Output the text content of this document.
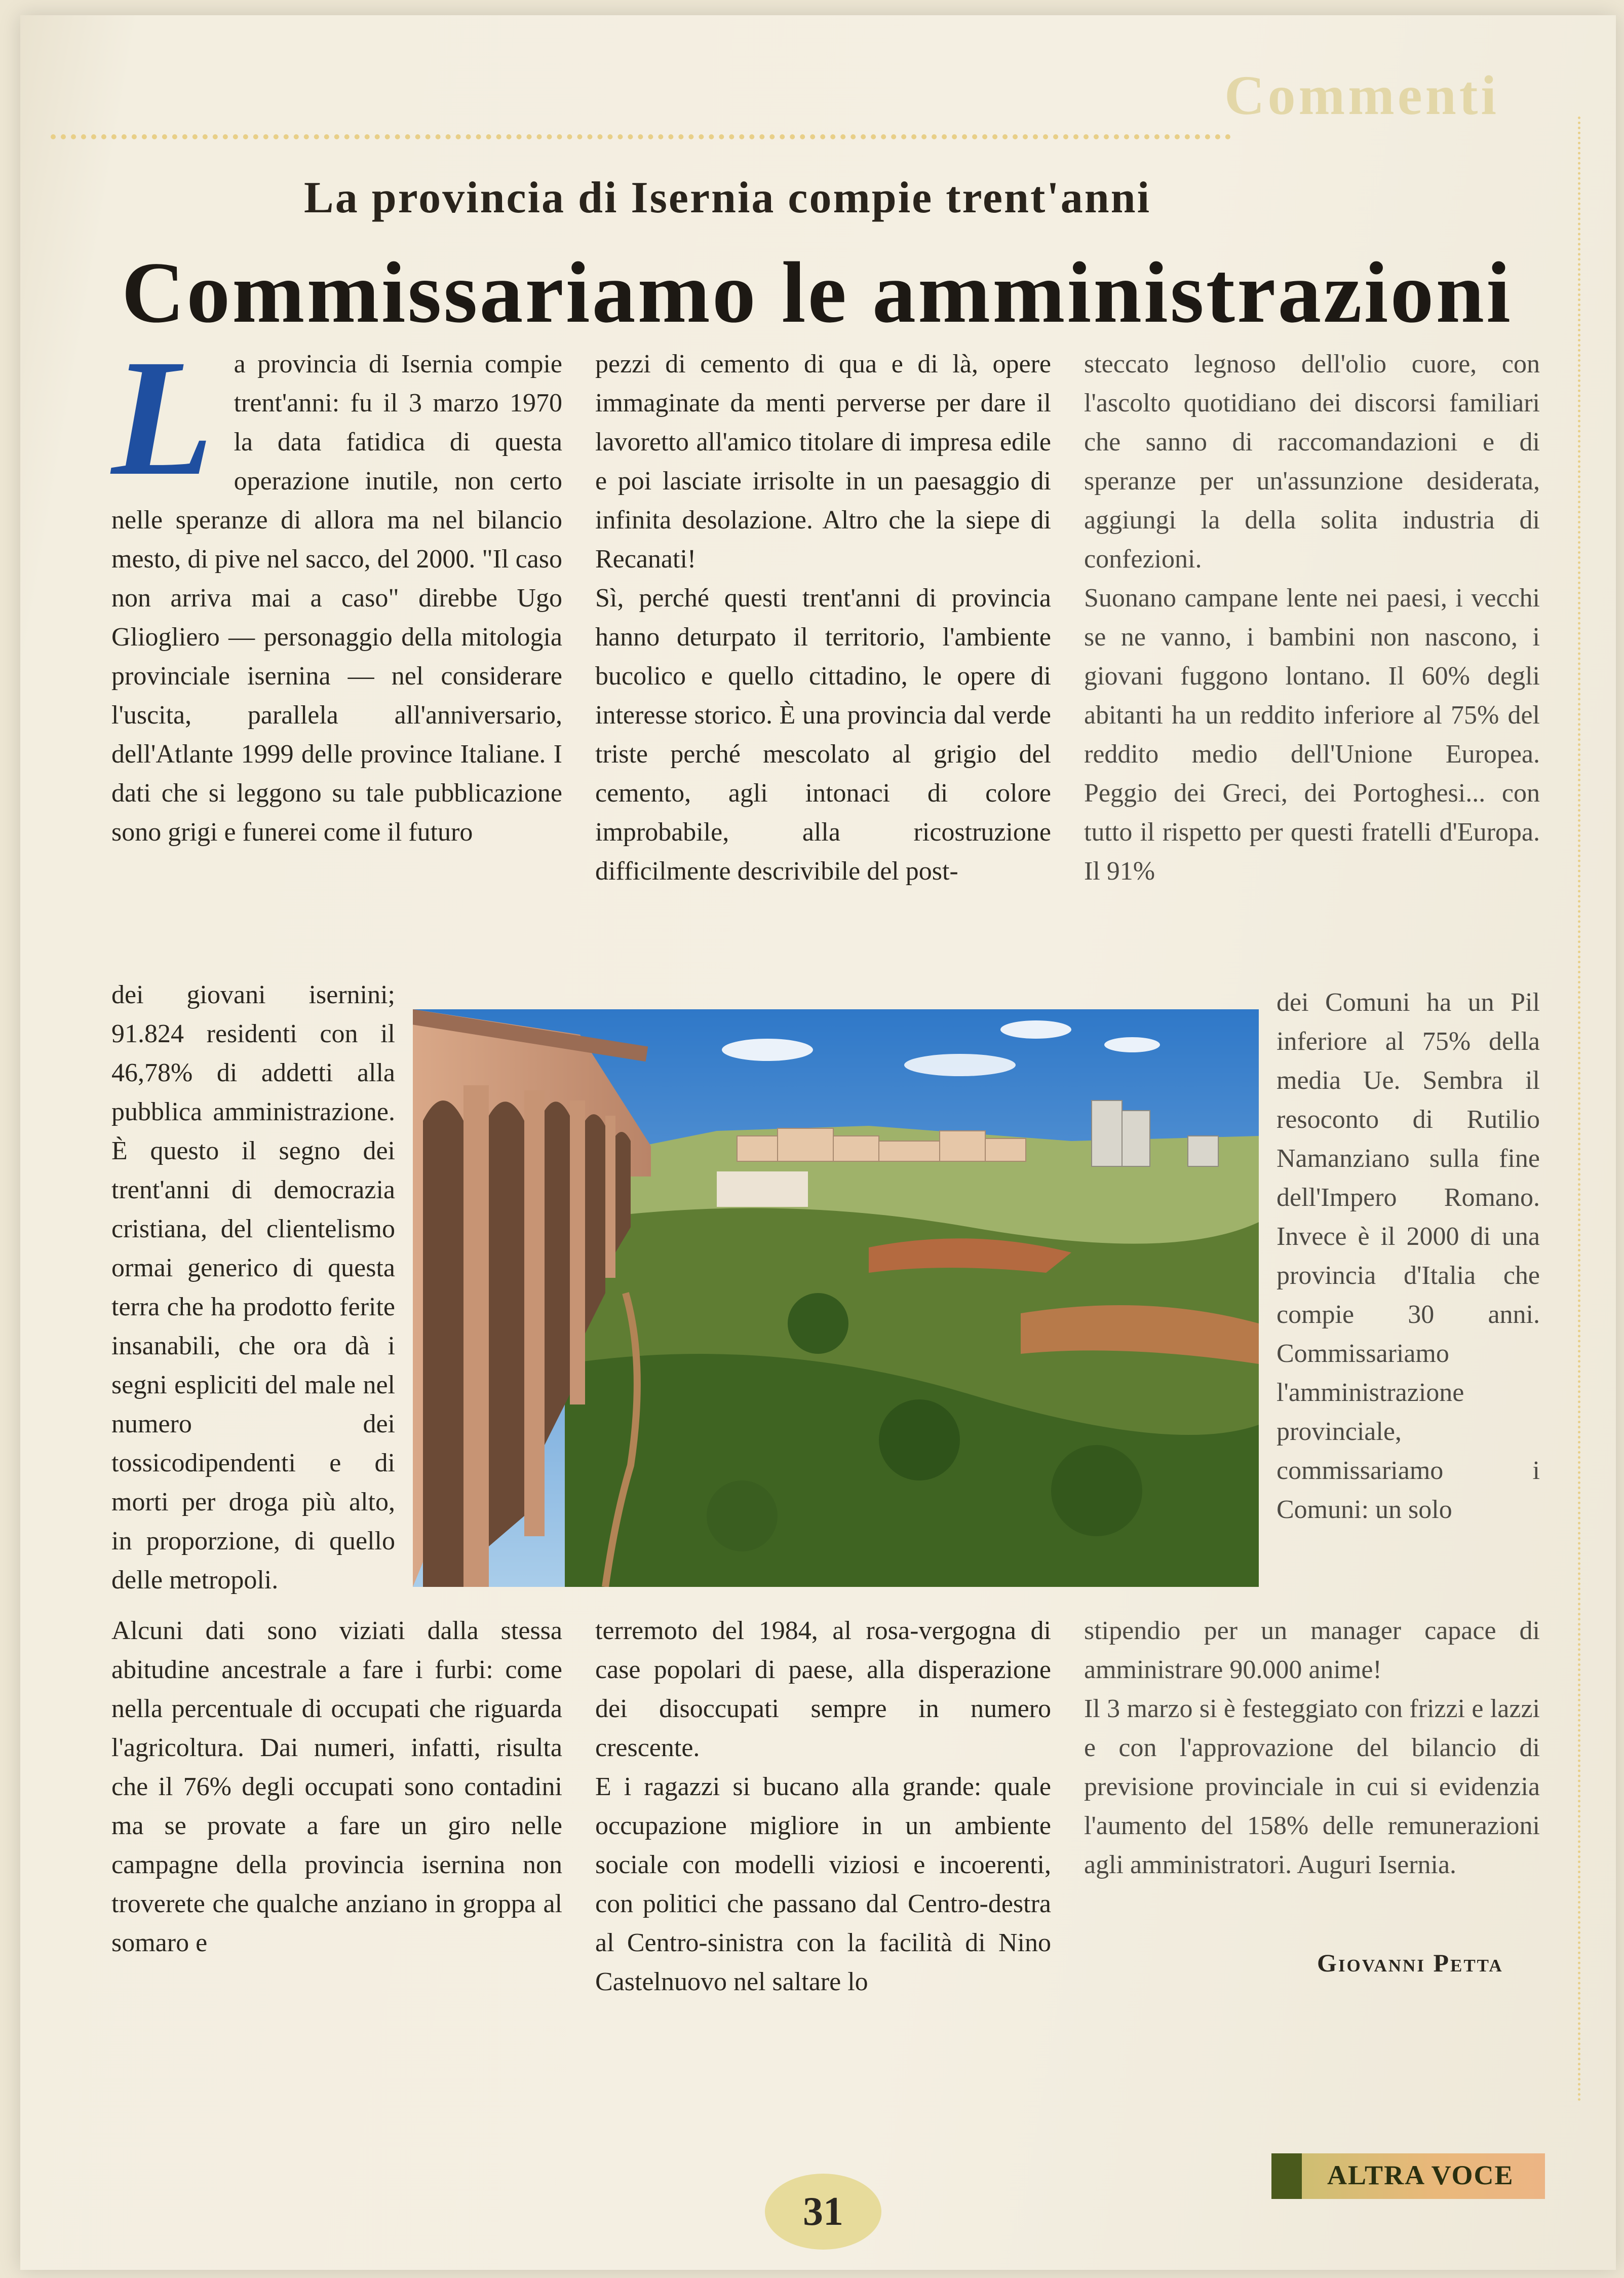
Commenti
La provincia di Isernia compie trent'anni
Commissariamo le amministrazioni
L a provincia di Isernia compie trent'anni: fu il 3 marzo 1970 la data fatidica di questa operazione inutile, non certo nelle speranze di allora ma nel bilancio mesto, di pive nel sacco, del 2000. "Il caso non arriva mai a caso" direbbe Ugo Gliogliero — personaggio della mitologia provinciale isernina — nel considerare l'uscita, parallela all'anniversario, dell'Atlante 1999 delle province Italiane. I dati che si leggono su tale pubblicazione sono grigi e funerei come il futuro

dei giovani isernini; 91.824 residenti con il 46,78% di addetti alla pubblica amministrazione. È questo il segno dei trent'anni di democrazia cristiana, del clientelismo ormai generico di questa terra che ha prodotto ferite insanabili, che ora dà i segni espliciti del male nel numero dei tossicodipendenti e di morti per droga più alto, in proporzione, di quello delle metropoli.

Alcuni dati sono viziati dalla stessa abitudine ancestrale a fare i furbi: come nella percentuale di occupati che riguarda l'agricoltura. Dai numeri, infatti, risulta che il 76% degli occupati sono contadini ma se provate a fare un giro nelle campagne della provincia isernina non troverete che qualche anziano in groppa al somaro e

pezzi di cemento di qua e di là, opere immaginate da menti perverse per dare il lavoretto all'amico titolare di impresa edile e poi lasciate irrisolte in un paesaggio di infinita desolazione. Altro che la siepe di Recanati!

Sì, perché questi trent'anni di provincia hanno deturpato il territorio, l'ambiente bucolico e quello cittadino, le opere di interesse storico. È una provincia dal verde triste perché mescolato al grigio del cemento, agli intonaci di colore improbabile, alla ricostruzione difficilmente descrivibile del post-

terremoto del 1984, al rosa-vergogna di case popolari di paese, alla disperazione dei disoccupati sempre in numero crescente.

E i ragazzi si bucano alla grande: quale occupazione migliore in un ambiente sociale con modelli viziosi e incoerenti, con politici che passano dal Centro-destra al Centro-sinistra con la facilità di Nino Castelnuovo nel saltare lo

steccato legnoso dell'olio cuore, con l'ascolto quotidiano dei discorsi familiari che sanno di raccomandazioni e di speranze per un'assunzione desiderata, aggiungi la della solita industria di confezioni.

Suonano campane lente nei paesi, i vecchi se ne vanno, i bambini non nascono, i giovani fuggono lontano. Il 60% degli abitanti ha un reddito inferiore al 75% del reddito medio dell'Unione Europea. Peggio dei Greci, dei Portoghesi... con tutto il rispetto per questi fratelli d'Europa. Il 91%

dei Comuni ha un Pil inferiore al 75% della media Ue. Sembra il resoconto di Rutilio Namanziano sulla fine dell'Impero Romano. Invece è il 2000 di una provincia d'Italia che compie 30 anni. Commissariamo l'amministrazione provinciale, commissariamo i Comuni: un solo

stipendio per un manager capace di amministrare 90.000 anime!

Il 3 marzo si è festeggiato con frizzi e lazzi e con l'approvazione del bilancio di previsione provinciale in cui si evidenzia l'aumento del 158% delle remunerazioni agli amministratori. Auguri Isernia.

Giovanni Petta
31
ALTRA VOCE
